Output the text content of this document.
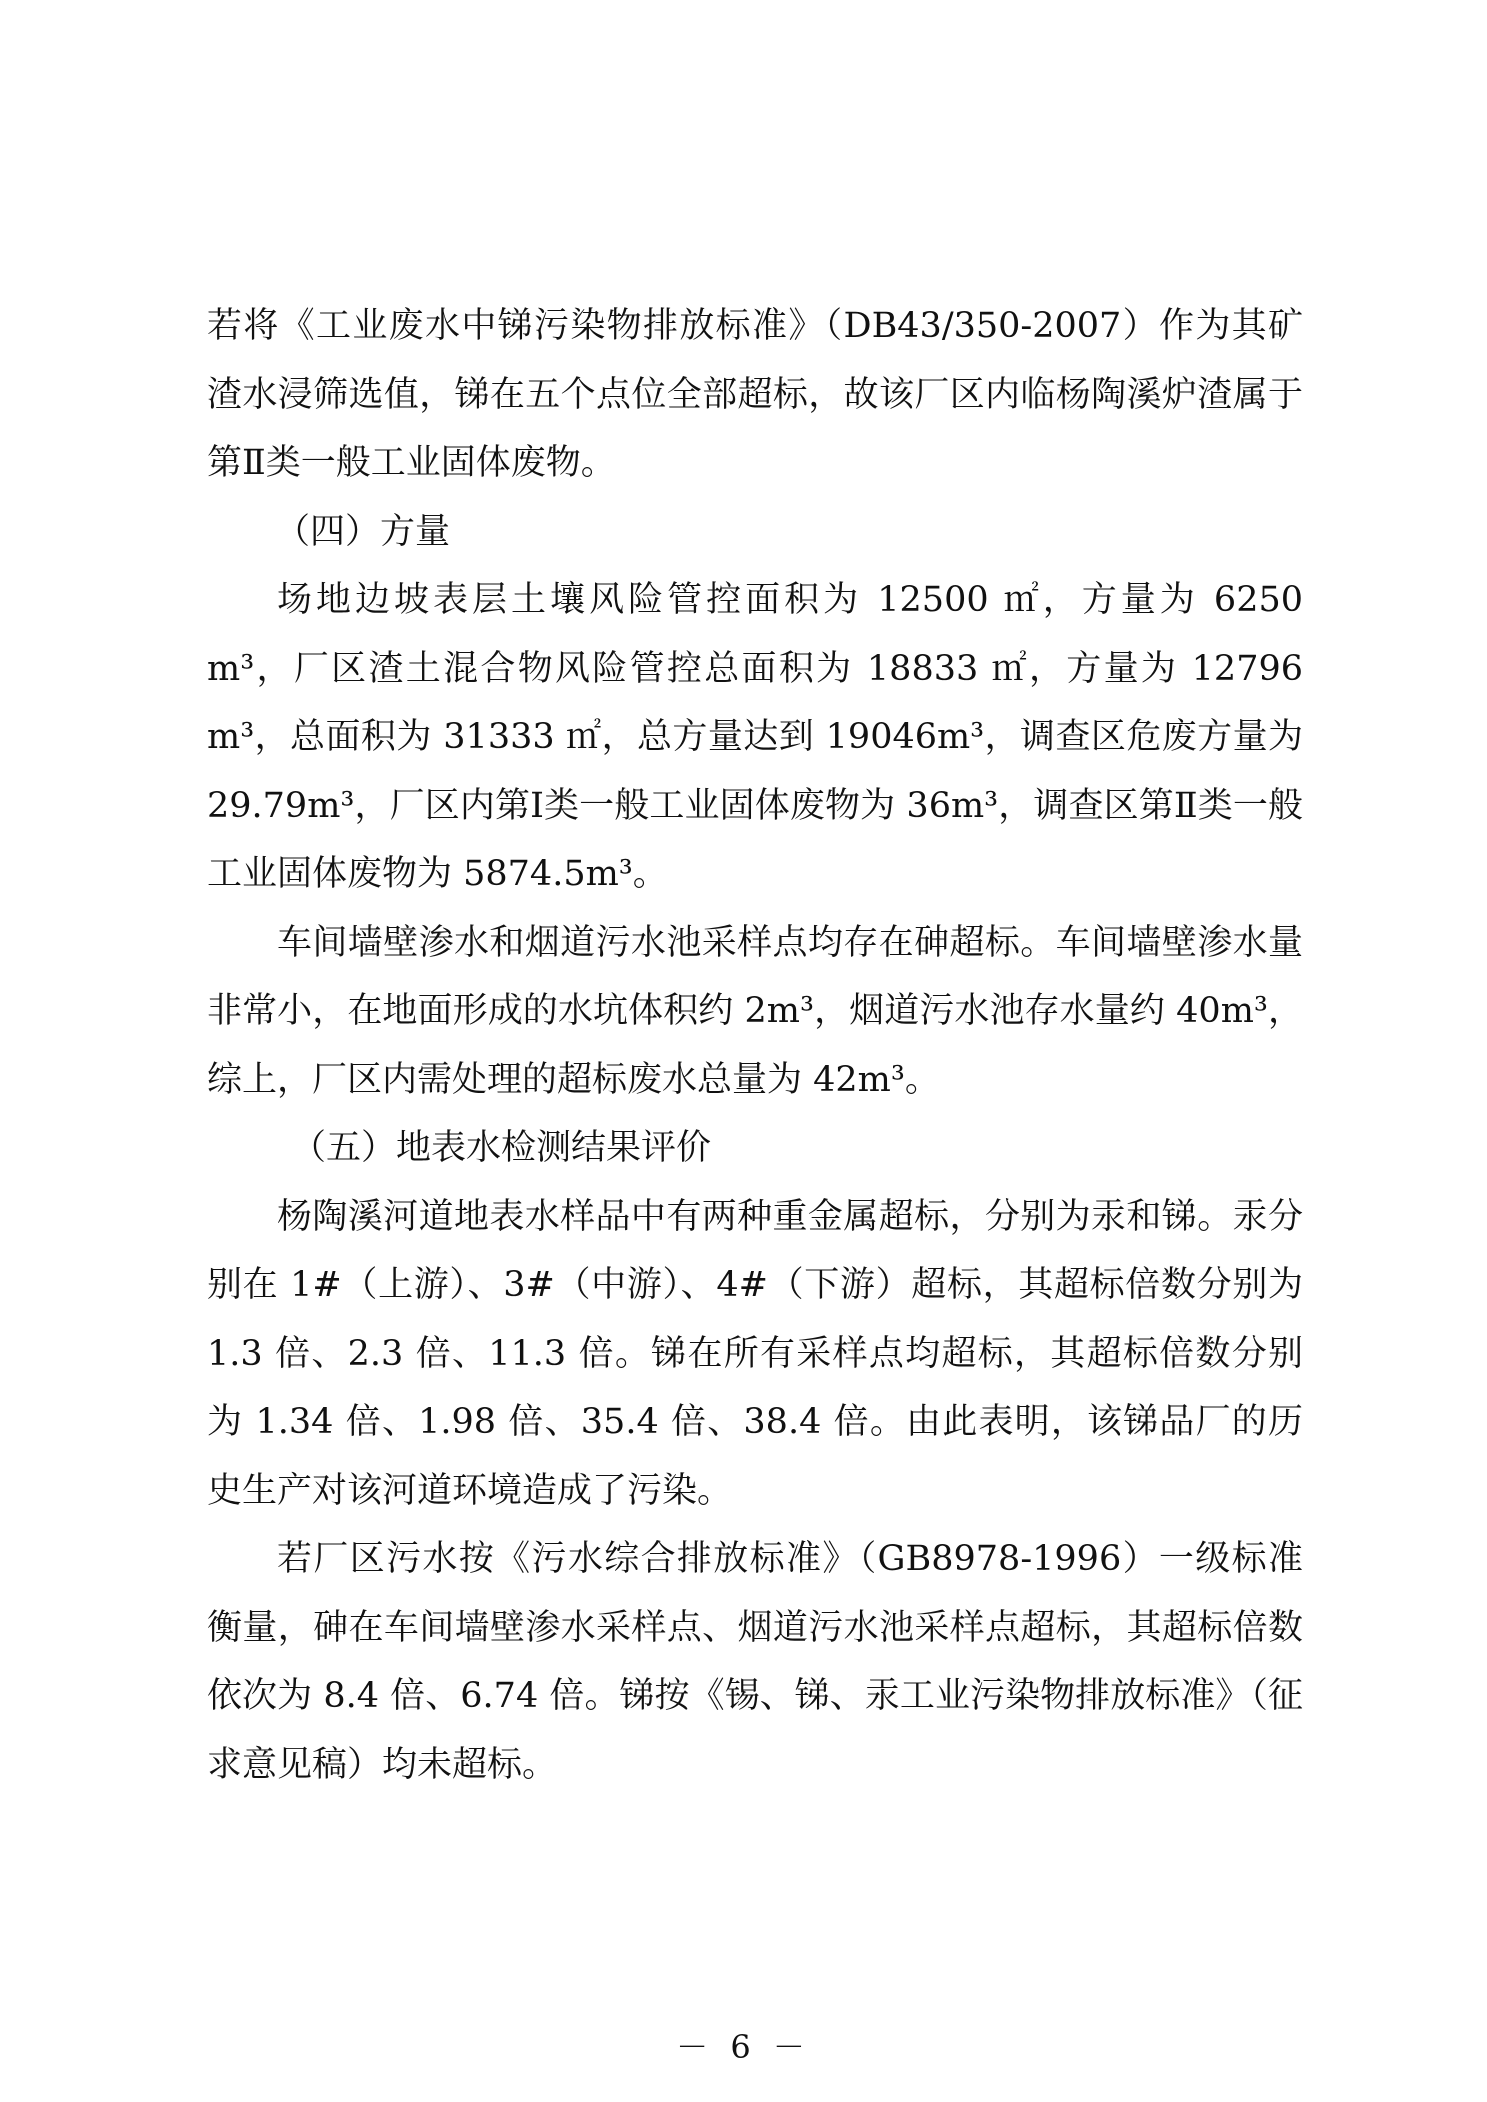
若将《工业废水中锑污染物排放标准》（DB43/350-2007）作为其矿渣水浸筛选值，锑在五个点位全部超标，故该厂区内临杨陶溪炉渣属于第Ⅱ类一般工业固体废物。

（四）方量

场地边坡表层土壤风险管控面积为 12500 ㎡，方量为 6250 m³，厂区渣土混合物风险管控总面积为 18833 ㎡，方量为 12796 m³，总面积为 31333 ㎡，总方量达到 19046m³，调查区危废方量为 29.79m³，厂区内第Ⅰ类一般工业固体废物为 36m³，调查区第Ⅱ类一般工业固体废物为 5874.5m³。

车间墙壁渗水和烟道污水池采样点均存在砷超标。车间墙壁渗水量非常小，在地面形成的水坑体积约 2m³，烟道污水池存水量约 40m³，综上，厂区内需处理的超标废水总量为 42m³。

（五）地表水检测结果评价

杨陶溪河道地表水样品中有两种重金属超标，分别为汞和锑。汞分别在 1#（上游）、3#（中游）、4#（下游）超标，其超标倍数分别为 1.3 倍、2.3 倍、11.3 倍。锑在所有采样点均超标，其超标倍数分别为 1.34 倍、1.98 倍、35.4 倍、38.4 倍。由此表明，该锑品厂的历史生产对该河道环境造成了污染。

若厂区污水按《污水综合排放标准》（GB8978-1996）一级标准衡量，砷在车间墙壁渗水采样点、烟道污水池采样点超标，其超标倍数依次为 8.4 倍、6.74 倍。锑按《锡、锑、汞工业污染物排放标准》（征求意见稿）均未超标。

－ 6 －
